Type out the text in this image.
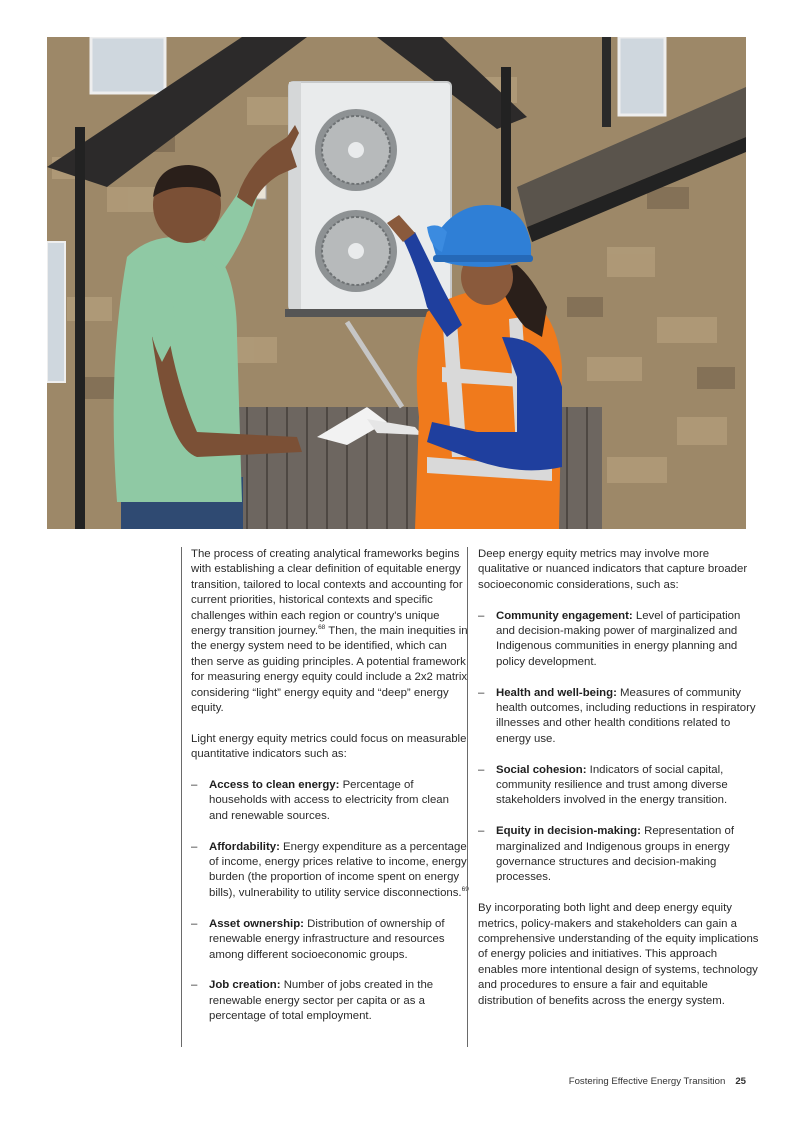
The process of creating analytical frameworks begins with establishing a clear definition of equitable energy transition, tailored to local contexts and accounting for current priorities, historical contexts and specific challenges within each region or country's unique energy transition journey.$^{68}$ Then, the main inequities in the energy system need to be identified, which can then serve as guiding principles. A potential framework for measuring energy equity could include a 2x2 matrix considering “light” energy equity and “deep” energy equity.

Light energy equity metrics could focus on measurable quantitative indicators such as:

– Access to clean energy: Percentage of households with access to electricity from clean and renewable sources.
– Affordability: Energy expenditure as a percentage of income, energy prices relative to income, energy burden (the proportion of income spent on energy bills), vulnerability to utility service disconnections.$^{69}$
– Asset ownership: Distribution of ownership of renewable energy infrastructure and resources among different socioeconomic groups.
– Job creation: Number of jobs created in the renewable energy sector per capita or as a percentage of total employment.

Deep energy equity metrics may involve more qualitative or nuanced indicators that capture broader socioeconomic considerations, such as:

– Community engagement: Level of participation and decision-making power of marginalized and Indigenous communities in energy planning and policy development.
– Health and well-being: Measures of community health outcomes, including reductions in respiratory illnesses and other health conditions related to energy use.
– Social cohesion: Indicators of social capital, community resilience and trust among diverse stakeholders involved in the energy transition.
– Equity in decision-making: Representation of marginalized and Indigenous groups in energy governance structures and decision-making processes.

By incorporating both light and deep energy equity metrics, policy-makers and stakeholders can gain a comprehensive understanding of the equity implications of energy policies and initiatives. This approach enables more intentional design of systems, technology and procedures to ensure a fair and equitable distribution of benefits across the energy system.

Fostering Effective Energy Transition 25
